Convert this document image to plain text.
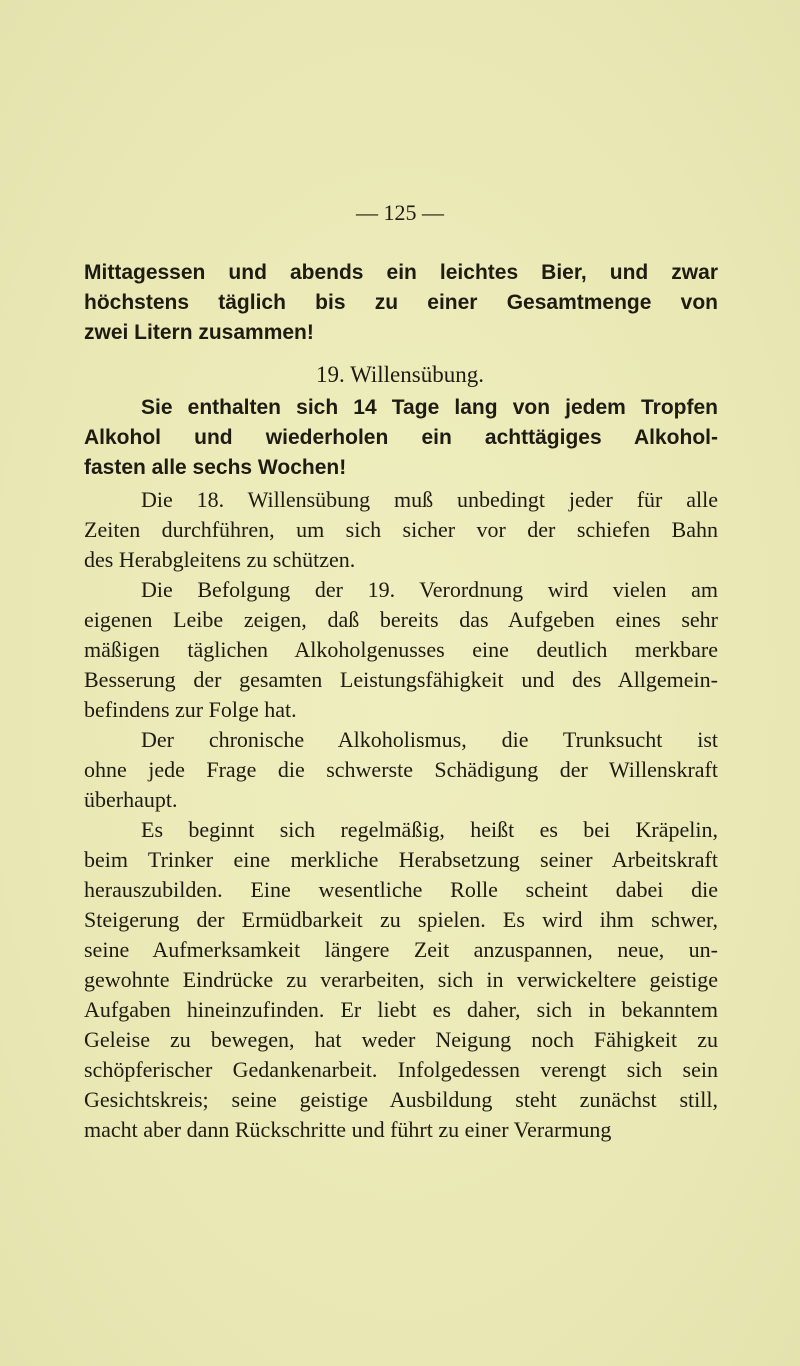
— 125 —
19. Willensübung.
Mittagessen und abends ein leichtes Bier, und zwar
höchstens täglich bis zu einer Gesamtmenge von
zwei Litern zusammen!
Sie enthalten sich 14 Tage lang von jedem Tropfen
Alkohol und wiederholen ein achttägiges Alkohol-
fasten alle sechs Wochen!
Die 18. Willensübung muß unbedingt jeder für alle
Zeiten durchführen, um sich sicher vor der schiefen Bahn
des Herabgleitens zu schützen.
Die Befolgung der 19. Verordnung wird vielen am
eigenen Leibe zeigen, daß bereits das Aufgeben eines sehr
mäßigen täglichen Alkoholgenusses eine deutlich merkbare
Besserung der gesamten Leistungsfähigkeit und des Allgemein-
befindens zur Folge hat.
Der chronische Alkoholismus, die Trunksucht ist
ohne jede Frage die schwerste Schädigung der Willenskraft
überhaupt.
Es beginnt sich regelmäßig, heißt es bei Kräpelin,
beim Trinker eine merkliche Herabsetzung seiner Arbeitskraft
herauszubilden. Eine wesentliche Rolle scheint dabei die
Steigerung der Ermüdbarkeit zu spielen. Es wird ihm schwer,
seine Aufmerksamkeit längere Zeit anzuspannen, neue, un-
gewohnte Eindrücke zu verarbeiten, sich in verwickeltere geistige
Aufgaben hineinzufinden. Er liebt es daher, sich in bekanntem
Geleise zu bewegen, hat weder Neigung noch Fähigkeit zu
schöpferischer Gedankenarbeit. Infolgedessen verengt sich sein
Gesichtskreis; seine geistige Ausbildung steht zunächst still,
macht aber dann Rückschritte und führt zu einer Verarmung
